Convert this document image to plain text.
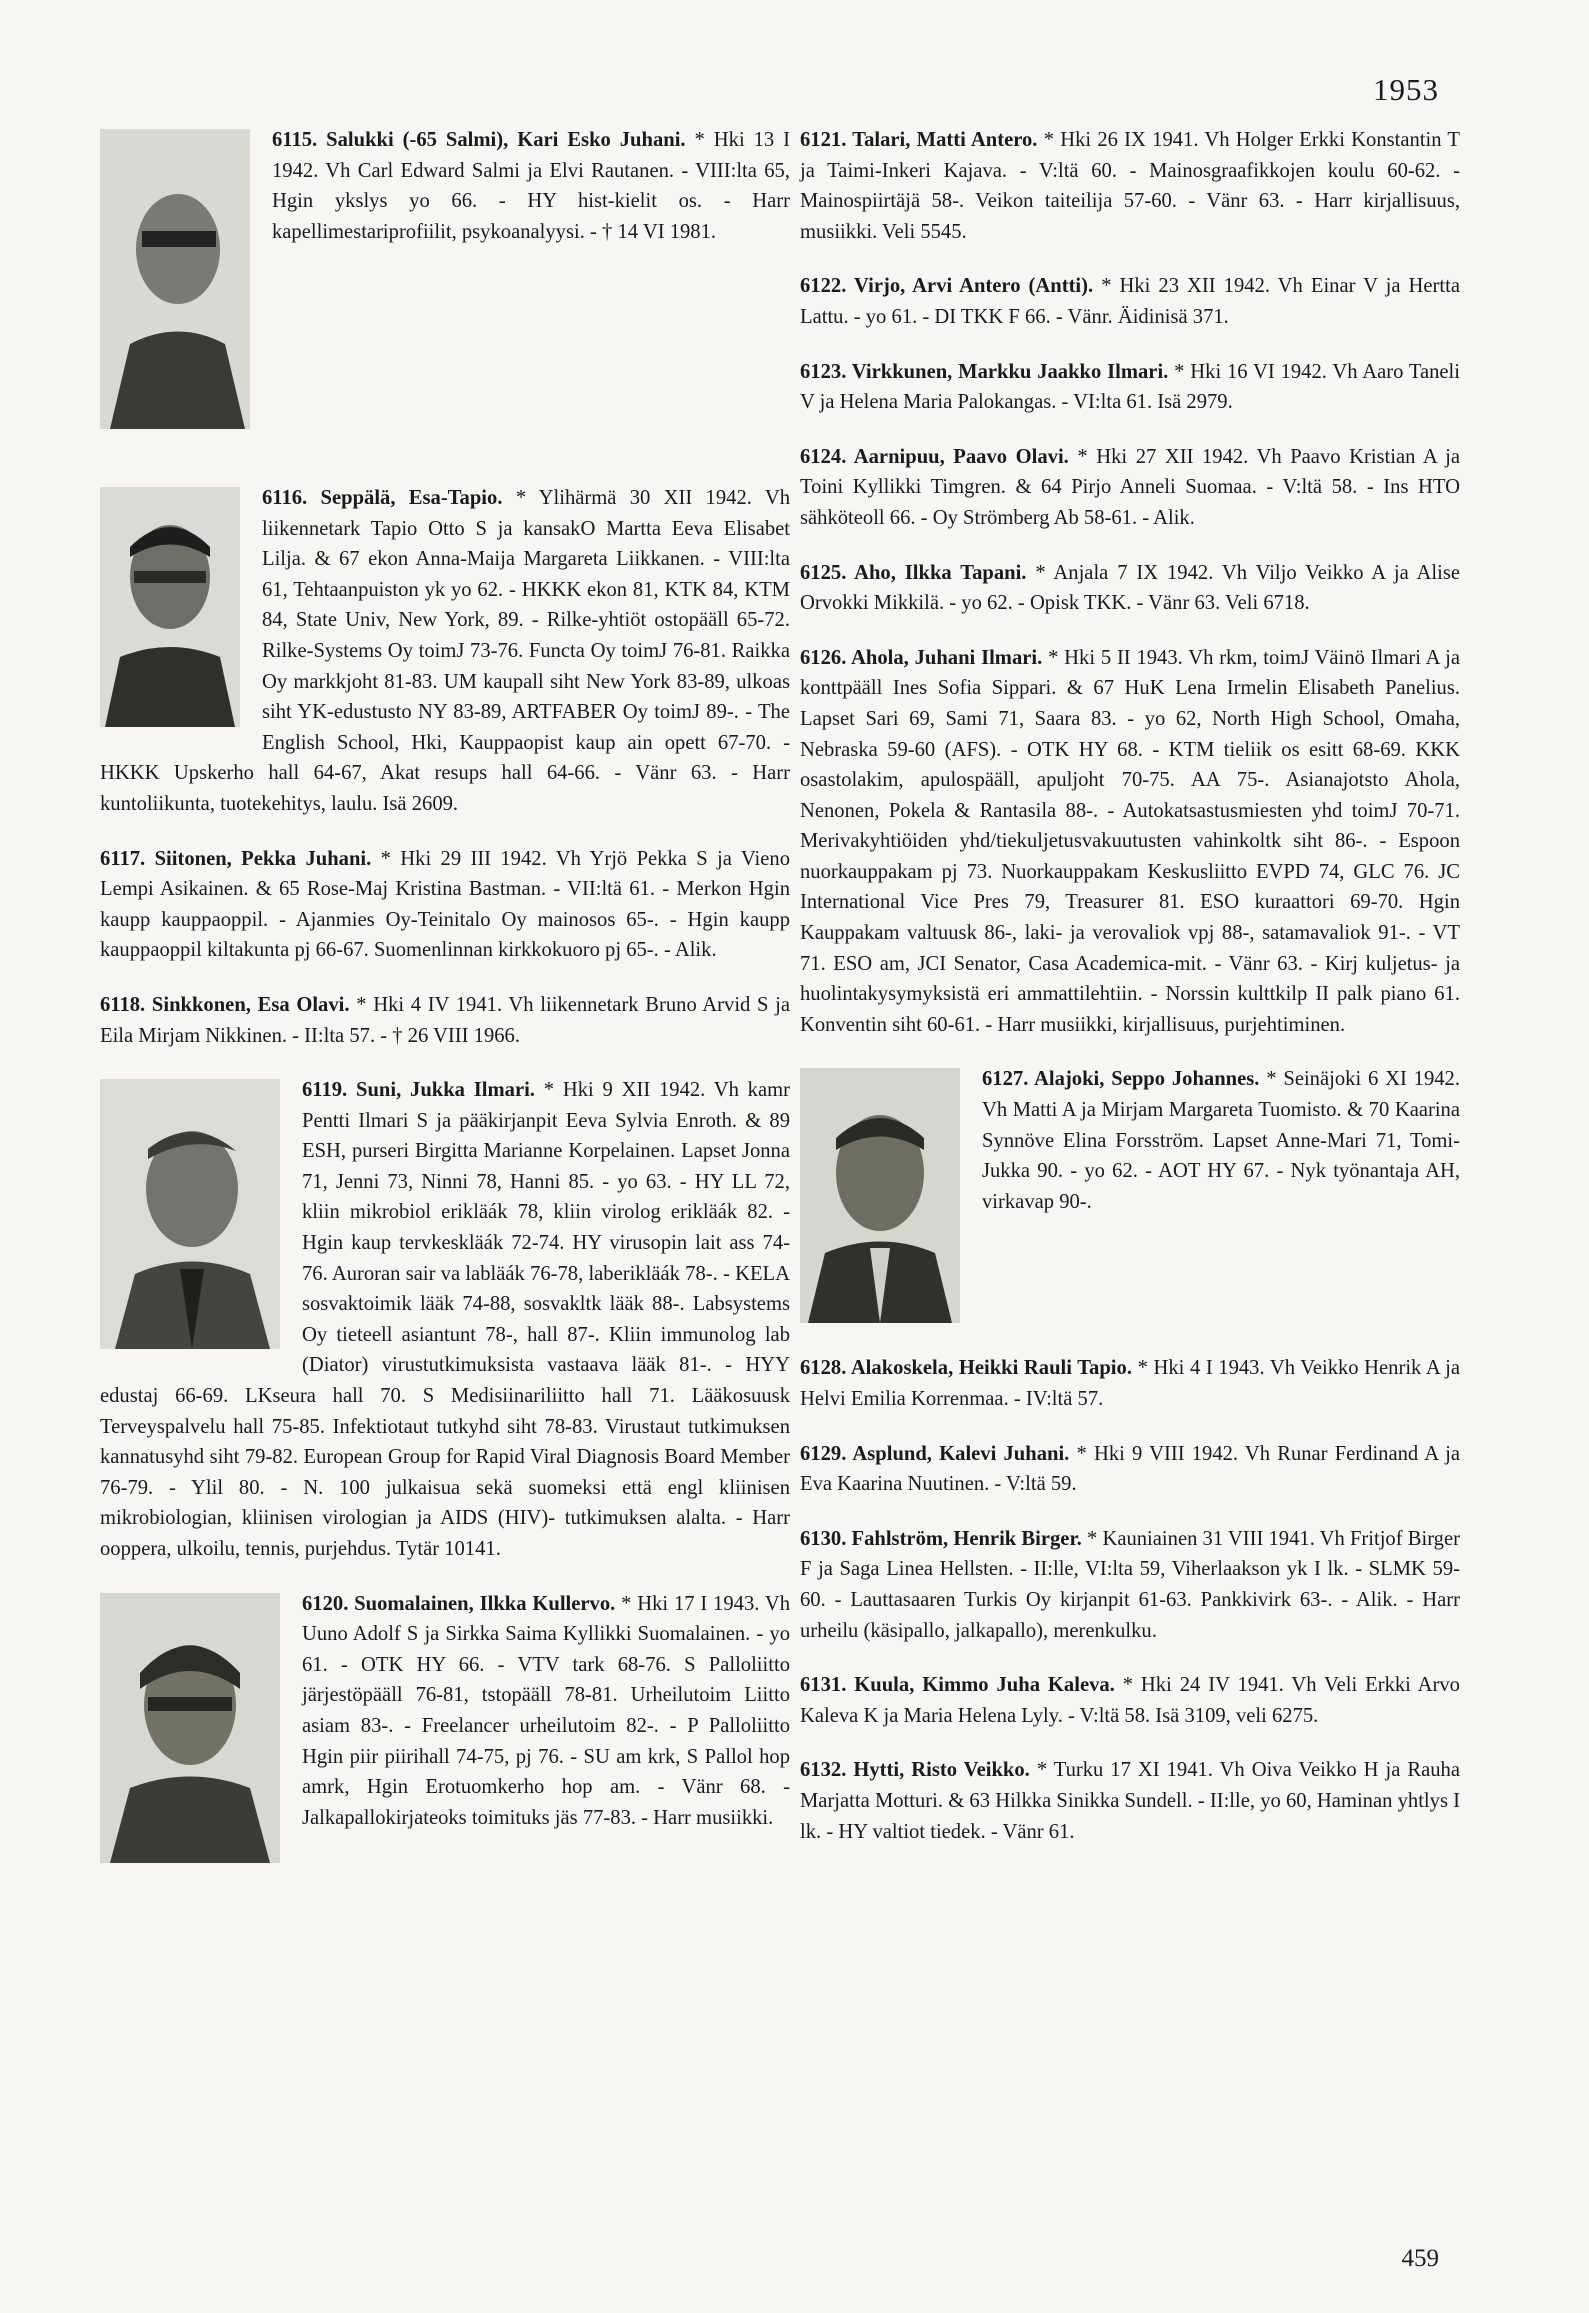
1953
6115. Salukki (-65 Salmi), Kari Esko Juhani. * Hki 13 I 1942. Vh Carl Edward Salmi ja Elvi Rautanen. - VIII:lta 65, Hgin ykslys yo 66. - HY hist-kielit os. - Harr kapellimestariprofiilit, psykoanalyysi. - † 14 VI 1981.
6116. Seppälä, Esa-Tapio. * Ylihärmä 30 XII 1942. Vh liikennetark Tapio Otto S ja kansakO Martta Eeva Elisabet Lilja. & 67 ekon Anna-Maija Margareta Liikkanen. - VIII:lta 61, Tehtaanpuiston yk yo 62. - HKKK ekon 81, KTK 84, KTM 84, State Univ, New York, 89. - Rilke-yhtiöt ostopääll 65-72. Rilke-Systems Oy toimJ 73-76. Functa Oy toimJ 76-81. Raikka Oy markkjoht 81-83. UM kaupall siht New York 83-89, ulkoas siht YK-edustusto NY 83-89, ARTFABER Oy toimJ 89-. - The English School, Hki, Kauppaopist kaup ain opett 67-70. - HKKK Upskerho hall 64-67, Akat resups hall 64-66. - Vänr 63. - Harr kuntoliikunta, tuotekehitys, laulu. Isä 2609.
6117. Siitonen, Pekka Juhani. * Hki 29 III 1942. Vh Yrjö Pekka S ja Vieno Lempi Asikainen. & 65 Rose-Maj Kristina Bastman. - VII:ltä 61. - Merkon Hgin kaupp kauppaoppil. - Ajanmies Oy-Teinitalo Oy mainosos 65-. - Hgin kaupp kauppaoppil kiltakunta pj 66-67. Suomenlinnan kirkkokuoro pj 65-. - Alik.
6118. Sinkkonen, Esa Olavi. * Hki 4 IV 1941. Vh liikennetark Bruno Arvid S ja Eila Mirjam Nikkinen. - II:lta 57. - † 26 VIII 1966.
6119. Suni, Jukka Ilmari. * Hki 9 XII 1942. Vh kamr Pentti Ilmari S ja pääkirjanpit Eeva Sylvia Enroth. & 89 ESH, purseri Birgitta Marianne Korpelainen. Lapset Jonna 71, Jenni 73, Ninni 78, Hanni 85. - yo 63. - HY LL 72, kliin mikrobiol erikläák 78, kliin virolog erikläák 82. - Hgin kaup tervkeskläák 72-74. HY virusopin lait ass 74-76. Auroran sair va labläák 76-78, laberikläák 78-. - KELA sosvaktoimik lääk 74-88, sosvakltk lääk 88-. Labsystems Oy tieteell asiantunt 78-, hall 87-. Kliin immunolog lab (Diator) virustutkimuksista vastaava lääk 81-. - HYY edustaj 66-69. LKseura hall 70. S Medisiinariliitto hall 71. Lääkosuusk Terveyspalvelu hall 75-85. Infektiotaut tutkyhd siht 78-83. Virustaut tutkimuksen kannatusyhd siht 79-82. European Group for Rapid Viral Diagnosis Board Member 76-79. - Ylil 80. - N. 100 julkaisua sekä suomeksi että engl kliinisen mikrobiologian, kliinisen virologian ja AIDS (HIV)- tutkimuksen alalta. - Harr ooppera, ulkoilu, tennis, purjehdus. Tytär 10141.
6120. Suomalainen, Ilkka Kullervo. * Hki 17 I 1943. Vh Uuno Adolf S ja Sirkka Saima Kyllikki Suomalainen. - yo 61. - OTK HY 66. - VTV tark 68-76. S Palloliitto järjestöpääll 76-81, tstopääll 78-81. Urheilutoim Liitto asiam 83-. - Freelancer urheilutoim 82-. - P Palloliitto Hgin piir piirihall 74-75, pj 76. - SU am krk, S Pallol hop amrk, Hgin Erotuomkerho hop am. - Vänr 68. - Jalkapallokirjateoks toimituks jäs 77-83. - Harr musiikki.
6121. Talari, Matti Antero. * Hki 26 IX 1941. Vh Holger Erkki Konstantin T ja Taimi-Inkeri Kajava. - V:ltä 60. - Mainosgraafikkojen koulu 60-62. - Mainospiirtäjä 58-. Veikon taiteilija 57-60. - Vänr 63. - Harr kirjallisuus, musiikki. Veli 5545.
6122. Virjo, Arvi Antero (Antti). * Hki 23 XII 1942. Vh Einar V ja Hertta Lattu. - yo 61. - DI TKK F 66. - Vänr. Äidinisä 371.
6123. Virkkunen, Markku Jaakko Ilmari. * Hki 16 VI 1942. Vh Aaro Taneli V ja Helena Maria Palokangas. - VI:lta 61. Isä 2979.
6124. Aarnipuu, Paavo Olavi. * Hki 27 XII 1942. Vh Paavo Kristian A ja Toini Kyllikki Timgren. & 64 Pirjo Anneli Suomaa. - V:ltä 58. - Ins HTO sähköteoll 66. - Oy Strömberg Ab 58-61. - Alik.
6125. Aho, Ilkka Tapani. * Anjala 7 IX 1942. Vh Viljo Veikko A ja Alise Orvokki Mikkilä. - yo 62. - Opisk TKK. - Vänr 63. Veli 6718.
6126. Ahola, Juhani Ilmari. * Hki 5 II 1943. Vh rkm, toimJ Väinö Ilmari A ja konttpääll Ines Sofia Sippari. & 67 HuK Lena Irmelin Elisabeth Panelius. Lapset Sari 69, Sami 71, Saara 83. - yo 62, North High School, Omaha, Nebraska 59-60 (AFS). - OTK HY 68. - KTM tieliik os esitt 68-69. KKK osastolakim, apulospääll, apuljoht 70-75. AA 75-. Asianajotsto Ahola, Nenonen, Pokela & Rantasila 88-. - Autokatsastusmiesten yhd toimJ 70-71. Merivakyhtiöiden yhd/tiekuljetusvakuutusten vahinkoltk siht 86-. - Espoon nuorkauppakam pj 73. Nuorkauppakam Keskusliitto EVPD 74, GLC 76. JC International Vice Pres 79, Treasurer 81. ESO kuraattori 69-70. Hgin Kauppakam valtuusk 86-, laki- ja verovaliok vpj 88-, satamavaliok 91-. - VT 71. ESO am, JCI Senator, Casa Academica-mit. - Vänr 63. - Kirj kuljetus- ja huolintakysymyksistä eri ammattilehtiin. - Norssin kulttkilp II palk piano 61. Konventin siht 60-61. - Harr musiikki, kirjallisuus, purjehtiminen.
6127. Alajoki, Seppo Johannes. * Seinäjoki 6 XI 1942. Vh Matti A ja Mirjam Margareta Tuomisto. & 70 Kaarina Synnöve Elina Forsström. Lapset Anne-Mari 71, Tomi-Jukka 90. - yo 62. - AOT HY 67. - Nyk työnantaja AH, virkavap 90-.
6128. Alakoskela, Heikki Rauli Tapio. * Hki 4 I 1943. Vh Veikko Henrik A ja Helvi Emilia Korrenmaa. - IV:ltä 57.
6129. Asplund, Kalevi Juhani. * Hki 9 VIII 1942. Vh Runar Ferdinand A ja Eva Kaarina Nuutinen. - V:ltä 59.
6130. Fahlström, Henrik Birger. * Kauniainen 31 VIII 1941. Vh Fritjof Birger F ja Saga Linea Hellsten. - II:lle, VI:lta 59, Viherlaakson yk I lk. - SLMK 59-60. - Lauttasaaren Turkis Oy kirjanpit 61-63. Pankkivirk 63-. - Alik. - Harr urheilu (käsipallo, jalkapallo), merenkulku.
6131. Kuula, Kimmo Juha Kaleva. * Hki 24 IV 1941. Vh Veli Erkki Arvo Kaleva K ja Maria Helena Lyly. - V:ltä 58. Isä 3109, veli 6275.
6132. Hytti, Risto Veikko. * Turku 17 XI 1941. Vh Oiva Veikko H ja Rauha Marjatta Motturi. & 63 Hilkka Sinikka Sundell. - II:lle, yo 60, Haminan yhtlys I lk. - HY valtiot tiedek. - Vänr 61.
459
